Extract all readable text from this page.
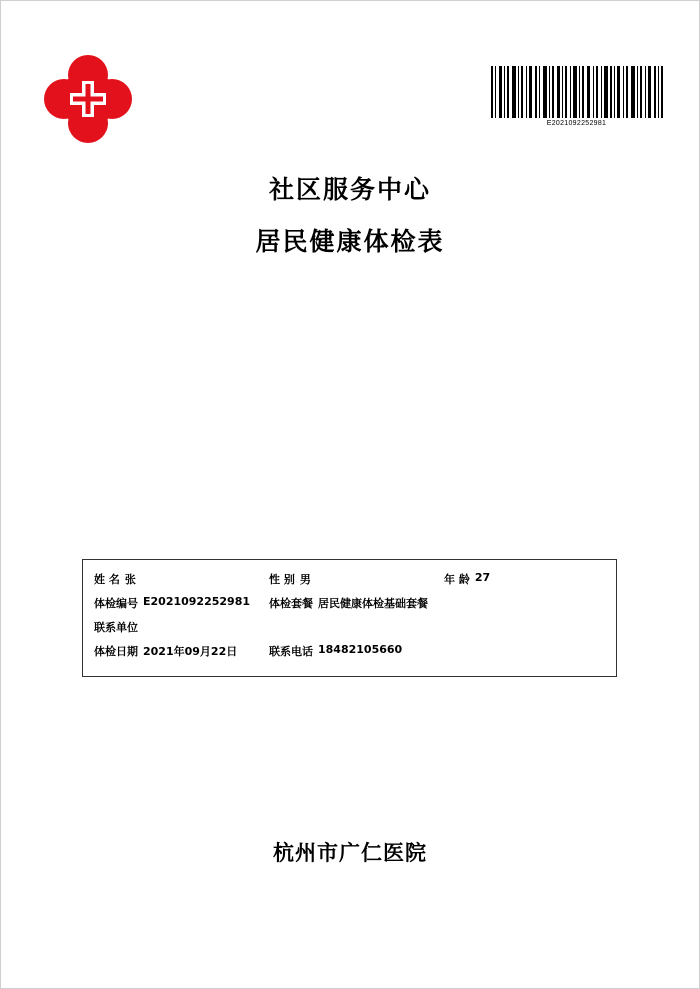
E2021092252981
社区服务中心
居民健康体检表
姓 名 张	性 别 男	年 龄 27
体检编号 E2021092252981 体检套餐 居民健康体检基础套餐
联系单位
体检日期 2021年09月22日	联系电话 18482105660
杭州市广仁医院
